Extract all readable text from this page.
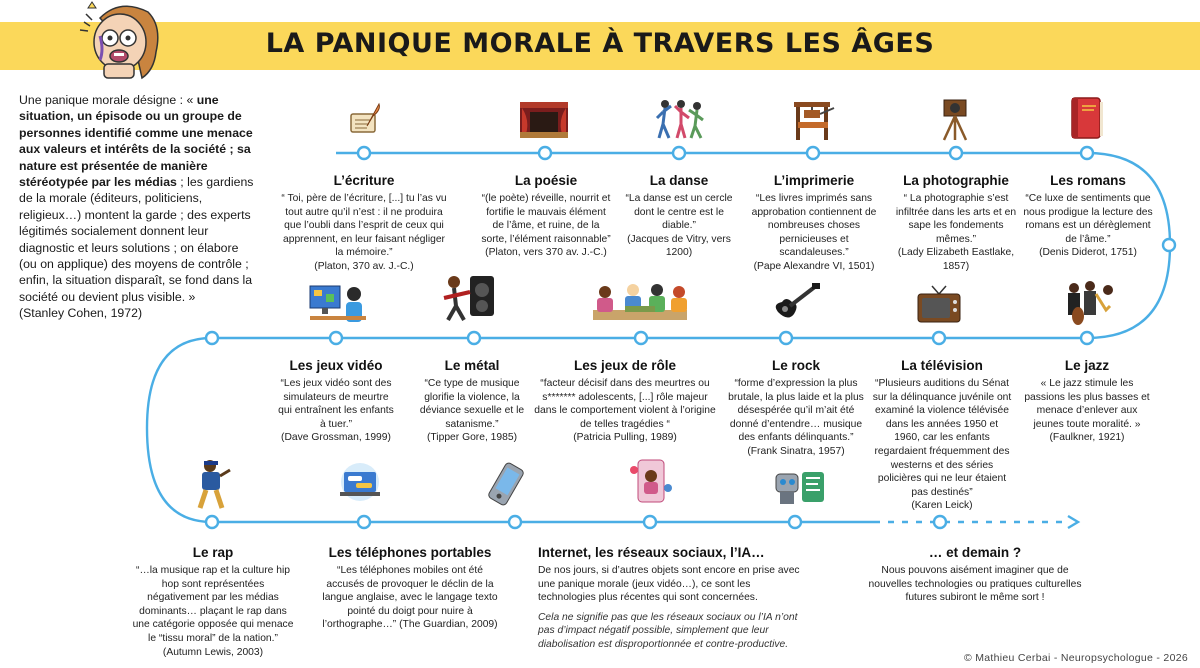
LA PANIQUE MORALE À TRAVERS LES ÂGES
Une panique morale désigne : « une situation, un épisode ou un groupe de personnes identifié comme une menace aux valeurs et intérêts de la société ; sa nature est présentée de manière stéréotypée par les médias ; les gardiens de la morale (éditeurs, politiciens, religieux…) montent la garde ; des experts légitimés socialement donnent leur diagnostic et leurs solutions ; on élabore (ou on applique) des moyens de contrôle ; enfin, la situation disparaît, se fond dans la société ou devient plus visible. »
(Stanley Cohen, 1972)
L’écriture

“ Toi, père de l’écriture, [...] tu l’as vu tout autre qu’il n’est : il ne produira que l’oubli dans l’esprit de ceux qui apprennent, en leur faisant négliger la mémoire.”
(Platon, 370 av. J.-C.)

La poésie

“(le poète) réveille, nourrit et fortifie le mauvais élément de l’âme, et ruine, de la sorte, l’élément raisonnable”
(Platon, vers 370 av. J.-C.)

La danse

“La danse est un cercle dont le centre est le diable.”
(Jacques de Vitry, vers 1200)

L’imprimerie

“Les livres imprimés sans approbation contiennent de nombreuses choses pernicieuses et scandaleuses.”
(Pape Alexandre VI, 1501)

La photographie

“ La photographie s’est infiltrée dans les arts et en sape les fondements mêmes.”
(Lady Elizabeth Eastlake, 1857)

Les romans

“Ce luxe de sentiments que nous prodigue la lecture des romans est un dérèglement de l’âme.”
(Denis Diderot, 1751)

Les jeux vidéo

“Les jeux vidéo sont des simulateurs de meurtre qui entraînent les enfants à tuer.”
(Dave Grossman, 1999)

Le métal

“Ce type de musique glorifie la violence, la déviance sexuelle et le satanisme.”
(Tipper Gore, 1985)

Les jeux de rôle

“facteur décisif dans des meurtres ou s******* adolescents, [...] rôle majeur dans le comportement violent à l’origine de telles tragédies “
(Patricia Pulling, 1989)

Le rock

“forme d’expression la plus brutale, la plus laide et la plus désespérée qu’il m’ait été donné d’entendre… musique des enfants délinquants.”
(Frank Sinatra, 1957)

La télévision

“Plusieurs auditions du Sénat sur la délinquance juvénile ont examiné la violence télévisée dans les années 1950 et 1960, car les enfants regardaient fréquemment des westerns et des séries policières qui ne leur étaient pas destinés”
(Karen Leick)

Le jazz

« Le jazz stimule les passions les plus basses et menace d’enlever aux jeunes toute moralité. »
(Faulkner, 1921)

Le rap

“…la musique rap et la culture hip hop sont représentées négativement par les médias dominants… plaçant le rap dans une catégorie opposée qui menace le “tissu moral” de la nation.” (Autumn Lewis, 2003)

Les téléphones portables

“Les téléphones mobiles ont été accusés de provoquer le déclin de la langue anglaise, avec le langage texto pointé du doigt pour nuire à l’orthographe…” (The Guardian, 2009)

Internet, les réseaux sociaux, l’IA…

De nos jours, si d’autres objets sont encore en prise avec une panique morale (jeux vidéo…), ce sont les technologies plus récentes qui sont concernées.

Cela ne signifie pas que les réseaux sociaux ou l’IA n’ont pas d’impact négatif possible, simplement que leur diabolisation est disproportionnée et contre-productive.

… et demain ?

Nous pouvons aisément imaginer que de nouvelles technologies ou pratiques culturelles futures subiront le même sort !

© Mathieu Cerbai - Neuropsychologue - 2026
